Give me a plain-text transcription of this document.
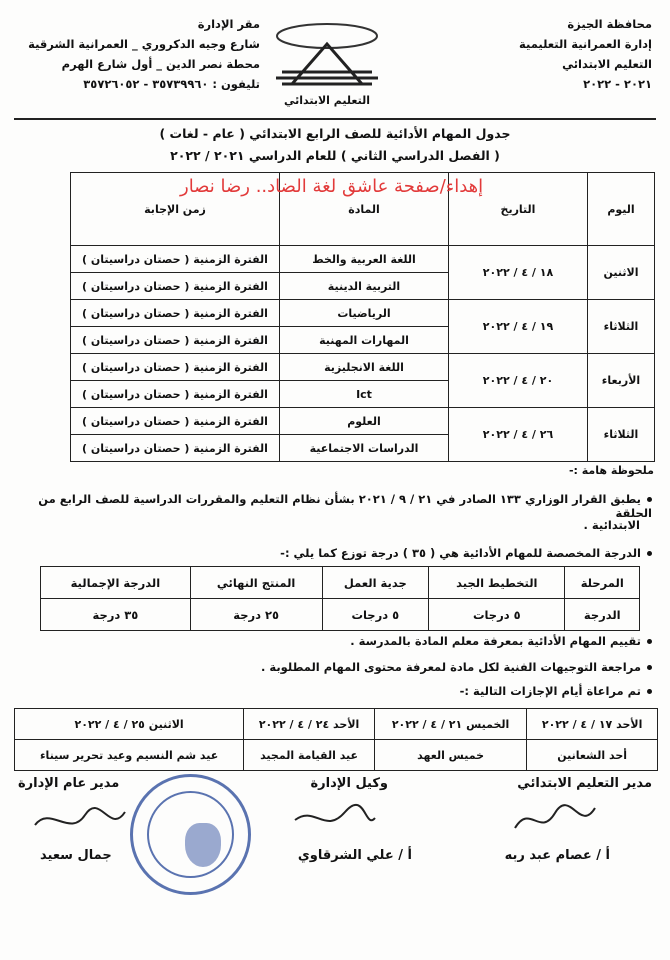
محافظة الجيزة
إدارة العمرانية التعليمية
التعليم الابتدائي
٢٠٢١ - ٢٠٢٢
التعليم الابتدائي
مقر الإدارة
شارع وجيه الدكروري _ العمرانية الشرقية
محطة نصر الدين _ أول شارع الهرم
تليفون : ٣٥٧٣٩٩٦٠ - ٣٥٧٢٦٠٥٢
جدول المهام الأدائية للصف الرابع الابتدائي ( عام - لغات )
( الفصل الدراسي الثاني ) للعام الدراسي ٢٠٢١ / ٢٠٢٢
اليوم	التاريخ	المادة	زمن الإجابة
الاثنين	١٨ / ٤ / ٢٠٢٢	اللغة العربية والخط	الفترة الزمنية ( حصتان دراسيتان )
		التربية الدينية	الفترة الزمنية ( حصتان دراسيتان )
الثلاثاء	١٩ / ٤ / ٢٠٢٢	الرياضيات	الفترة الزمنية ( حصتان دراسيتان )
		المهارات المهنية	الفترة الزمنية ( حصتان دراسيتان )
الأربعاء	٢٠ / ٤ / ٢٠٢٢	اللغة الانجليزية	الفترة الزمنية ( حصتان دراسيتان )
		Ict	الفترة الزمنية ( حصتان دراسيتان )
الثلاثاء	٢٦ / ٤ / ٢٠٢٢	العلوم	الفترة الزمنية ( حصتان دراسيتان )
		الدراسات الاجتماعية	الفترة الزمنية ( حصتان دراسيتان )
إهداء/صفحة عاشق لغة الضاد.. رضا نصار
ملحوظة هامة :-
يطبق القرار الوزاري ١٣٣ الصادر في ٢١ / ٩ / ٢٠٢١ بشأن نظام التعليم والمقررات الدراسية للصف الرابع من الحلقة
الابتدائية .
الدرجة المخصصة للمهام الأدائية هي ( ٣٥ ) درجة توزع كما يلي :-
المرحلة	التخطيط الجيد	جدية العمل	المنتج النهائي	الدرجة الإجمالية
الدرجة	٥ درجات	٥ درجات	٢٥ درجة	٣٥ درجة
تقييم المهام الأدائية بمعرفة معلم المادة بالمدرسة .
مراجعة التوجيهات الفنية لكل مادة لمعرفة محتوى المهام المطلوبة .
تم مراعاة أيام الإجازات التالية :-
الأحد ١٧ / ٤ / ٢٠٢٢	الخميس ٢١ / ٤ / ٢٠٢٢	الأحد ٢٤ / ٤ / ٢٠٢٢	الاثنين ٢٥ / ٤ / ٢٠٢٢
أحد الشعانين	خميس العهد	عيد القيامة المجيد	عيد شم النسيم وعيد تحرير سيناء
مدير التعليم الابتدائي
أ / عصام عبد ربه
وكيل الإدارة
أ / علي الشرقاوي
مدير عام الإدارة
جمال سعيد
